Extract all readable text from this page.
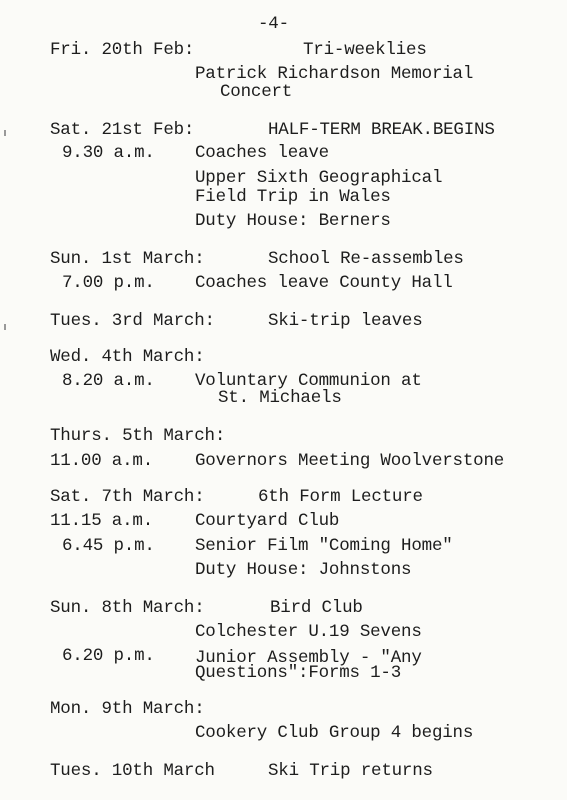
-4-
Fri. 20th Feb:	Tri-weeklies
Patrick Richardson Memorial
Concert
Sat. 21st Feb:	HALF-TERM BREAK.BEGINS
9.30 a.m. Coaches leave
Upper Sixth Geographical
Field Trip in Wales
Duty House: Berners
Sun. 1st March:	School Re-assembles
7.00 p.m. Coaches leave County Hall
Tues. 3rd March:	Ski-trip leaves
Wed. 4th March:
8.20 a.m. Voluntary Communion at
St. Michaels
Thurs. 5th March:
11.00 a.m. Governors Meeting Woolverstone
Sat. 7th March:	6th Form Lecture
11.15 a.m. Courtyard Club
6.45 p.m. Senior Film "Coming Home"
Duty House: Johnstons
Sun. 8th March:	Bird Club
Colchester U.19 Sevens
6.20 p.m. Junior Assembly - "Any
Questions":Forms 1-3
Mon. 9th March:
Cookery Club Group 4 begins
Tues. 10th March	Ski Trip returns
